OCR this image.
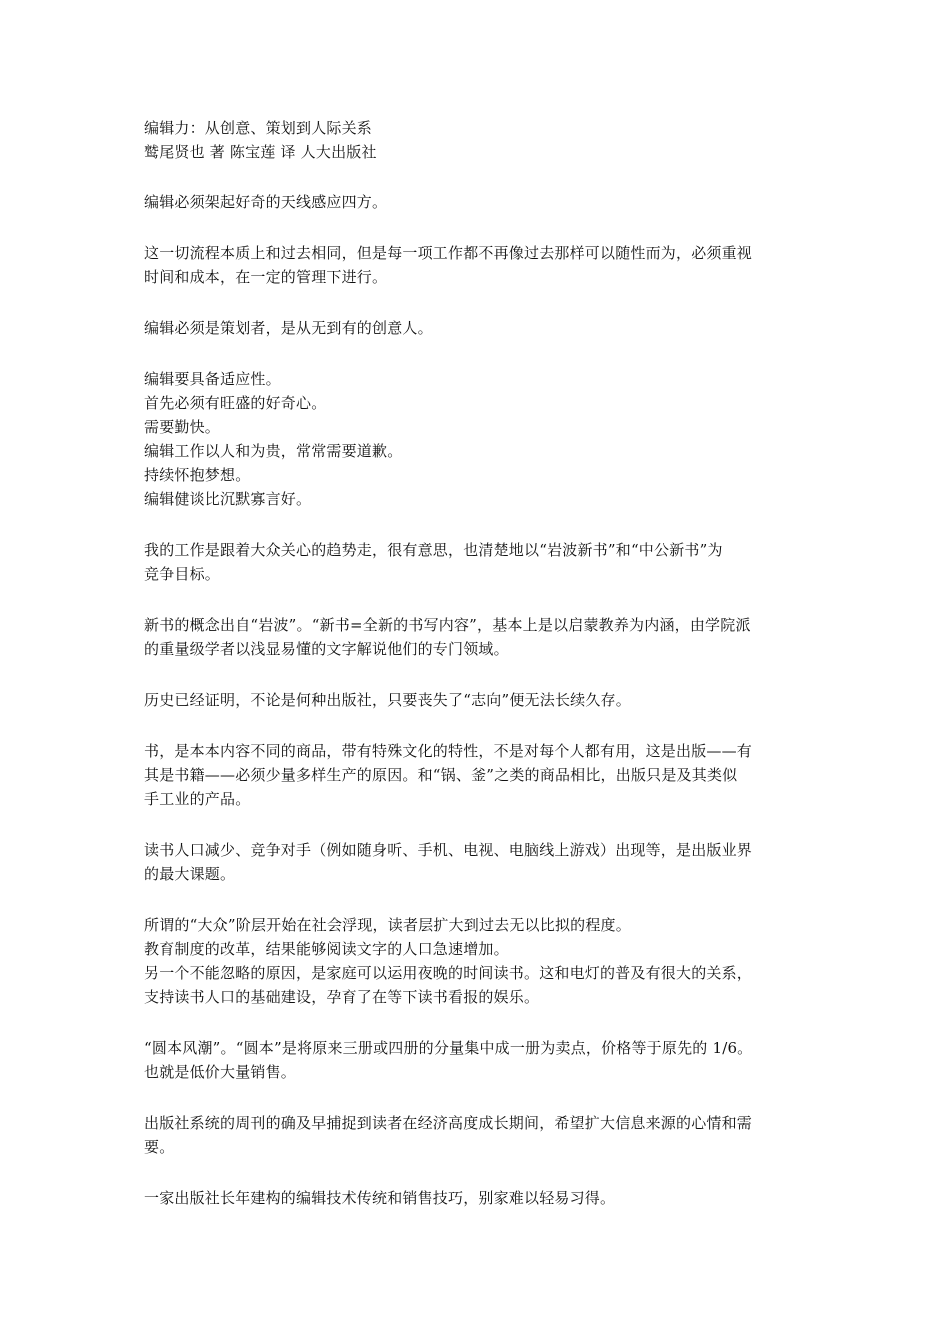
编辑力：从创意、策划到人际关系
鹫尾贤也 著 陈宝莲 译 人大出版社
编辑必须架起好奇的天线感应四方。
这一切流程本质上和过去相同，但是每一项工作都不再像过去那样可以随性而为，必须重视
时间和成本，在一定的管理下进行。
编辑必须是策划者，是从无到有的创意人。
编辑要具备适应性。
首先必须有旺盛的好奇心。
需要勤快。
编辑工作以人和为贵，常常需要道歉。
持续怀抱梦想。
编辑健谈比沉默寡言好。
我的工作是跟着大众关心的趋势走，很有意思，也清楚地以“岩波新书”和“中公新书”为
竞争目标。
新书的概念出自“岩波”。“新书=全新的书写内容”，基本上是以启蒙教养为内涵，由学院派
的重量级学者以浅显易懂的文字解说他们的专门领域。
历史已经证明，不论是何种出版社，只要丧失了“志向”便无法长续久存。
书，是本本内容不同的商品，带有特殊文化的特性，不是对每个人都有用，这是出版——有
其是书籍——必须少量多样生产的原因。和“锅、釜”之类的商品相比，出版只是及其类似
手工业的产品。
读书人口减少、竞争对手（例如随身听、手机、电视、电脑线上游戏）出现等，是出版业界
的最大课题。
所谓的“大众”阶层开始在社会浮现，读者层扩大到过去无以比拟的程度。
教育制度的改革，结果能够阅读文字的人口急速增加。
另一个不能忽略的原因，是家庭可以运用夜晚的时间读书。这和电灯的普及有很大的关系，
支持读书人口的基础建设，孕育了在等下读书看报的娱乐。
“圆本风潮”。“圆本”是将原来三册或四册的分量集中成一册为卖点，价格等于原先的 1/6。
也就是低价大量销售。
出版社系统的周刊的确及早捕捉到读者在经济高度成长期间，希望扩大信息来源的心情和需
要。
一家出版社长年建构的编辑技术传统和销售技巧，别家难以轻易习得。
